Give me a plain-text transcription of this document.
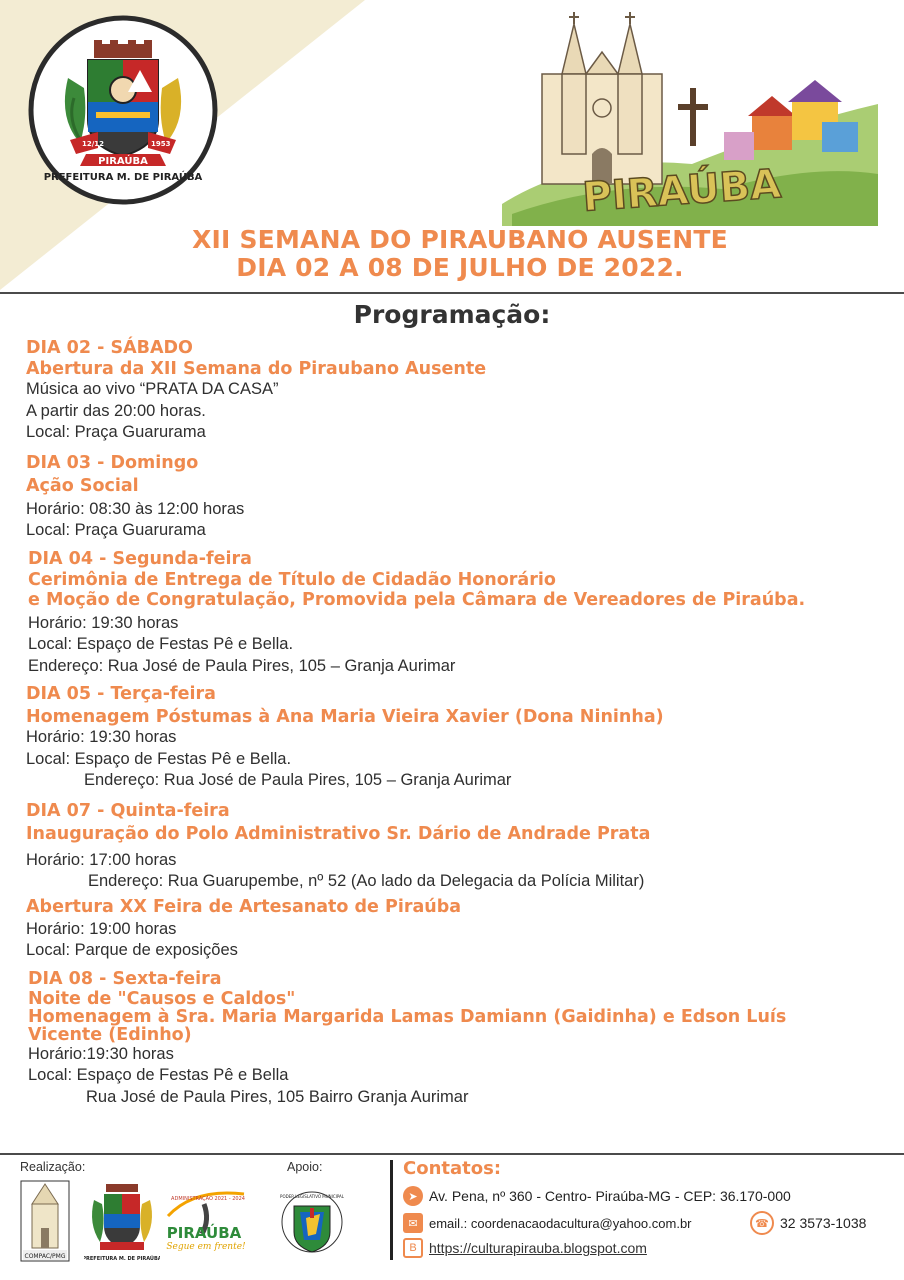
12/12	1953
PIRAÚBA
PREFEITURA M. DE PIRAÚBA	PIRAÚBA
XII SEMANA DO PIRAUBANO AUSENTE
DIA 02 A 08 DE JULHO DE 2022.
Programação:
DIA 02 - SÁBADO
Abertura da XII Semana do Piraubano Ausente
Música ao vivo “PRATA DA CASA”
A partir das 20:00 horas.
Local: Praça Guarurama
DIA 03 - Domingo
Ação Social
Horário: 08:30 às 12:00 horas
Local: Praça Guarurama
DIA 04 - Segunda-feira
Cerimônia de Entrega de Título de Cidadão Honorário
e Moção de Congratulação, Promovida pela Câmara de Vereadores de Piraúba.
Horário: 19:30 horas
Local: Espaço de Festas Pê e Bella.
Endereço: Rua José de Paula Pires, 105 – Granja Aurimar
DIA 05 - Terça-feira
Homenagem Póstumas à Ana Maria Vieira Xavier (Dona Nininha)
Horário: 19:30 horas
Local: Espaço de Festas Pê e Bella.
Endereço: Rua José de Paula Pires, 105 – Granja Aurimar
DIA 07 - Quinta-feira
Inauguração do Polo Administrativo Sr. Dário de Andrade Prata
Horário: 17:00 horas
Endereço: Rua Guarupembe, nº 52 (Ao lado da Delegacia da Polícia Militar)
Abertura XX Feira de Artesanato de Piraúba
Horário: 19:00 horas
Local: Parque de exposições
DIA 08 - Sexta-feira
Noite de "Causos e Caldos"
Homenagem à Sra. Maria Margarida Lamas Damiann (Gaidinha) e Edson Luís
Vicente (Edinho)
Horário:19:30 horas
Local: Espaço de Festas Pê e Bella
Rua José de Paula Pires, 105 Bairro Granja Aurimar
Realização:	Apoio:
COMPAC/PMG	PREFEITURA M. DE PIRAÚBA
ADMINISTRAÇÃO 2021 - 2024
PIRAÚBA
Segue em frente!
PODER LEGISLATIVO MUNICIPAL
Contatos:
➤ Av. Pena, nº 360 - Centro- Piraúba-MG - CEP: 36.170-000
✉ email.: coordenacaodacultura@yahoo.com.br	☎ 32 3573-1038
B https://culturapirauba.blogspot.com
